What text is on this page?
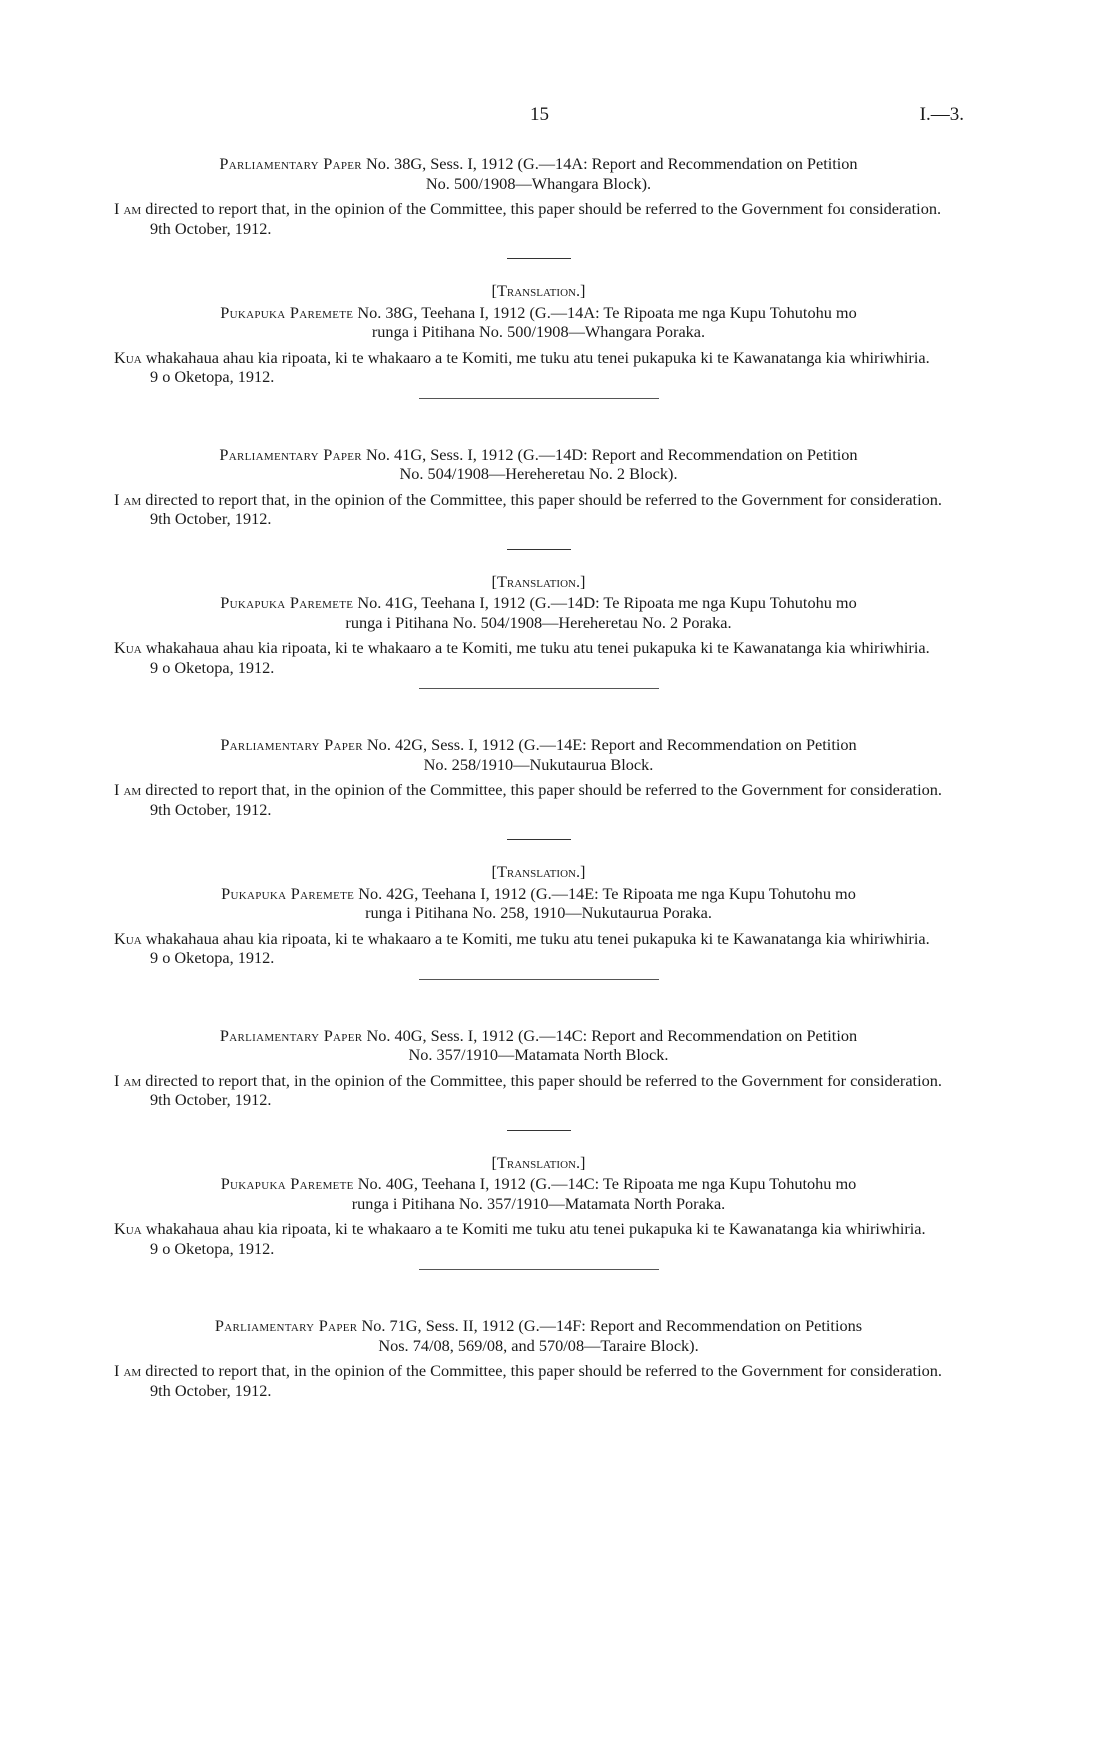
15	I.—3.

Parliamentary Paper No. 38G, Sess. I, 1912 (G.—14A: Report and Recommendation on Petition
No. 500/1908—Whangara Block).

I am directed to report that, in the opinion of the Committee, this paper should be referred to the Government foı consideration.

9th October, 1912.

[Translation.]

Pukapuka Paremete No. 38G, Teehana I, 1912 (G.—14A: Te Ripoata me nga Kupu Tohutohu mo
runga i Pitihana No. 500/1908—Whangara Poraka.

Kua whakahaua ahau kia ripoata, ki te whakaaro a te Komiti, me tuku atu tenei pukapuka ki te Kawanatanga kia whiriwhiria.

9 o Oketopa, 1912.

Parliamentary Paper No. 41G, Sess. I, 1912 (G.—14D: Report and Recommendation on Petition
No. 504/1908—Hereheretau No. 2 Block).

I am directed to report that, in the opinion of the Committee, this paper should be referred to the Government for consideration.

9th October, 1912.

[Translation.]

Pukapuka Paremete No. 41G, Teehana I, 1912 (G.—14D: Te Ripoata me nga Kupu Tohutohu mo
runga i Pitihana No. 504/1908—Hereheretau No. 2 Poraka.

Kua whakahaua ahau kia ripoata, ki te whakaaro a te Komiti, me tuku atu tenei pukapuka ki te Kawanatanga kia whiriwhiria.

9 o Oketopa, 1912.

Parliamentary Paper No. 42G, Sess. I, 1912 (G.—14E: Report and Recommendation on Petition
No. 258/1910—Nukutaurua Block.

I am directed to report that, in the opinion of the Committee, this paper should be referred to the Government for consideration.

9th October, 1912.

[Translation.]

Pukapuka Paremete No. 42G, Teehana I, 1912 (G.—14E: Te Ripoata me nga Kupu Tohutohu mo
runga i Pitihana No. 258, 1910—Nukutaurua Poraka.

Kua whakahaua ahau kia ripoata, ki te whakaaro a te Komiti, me tuku atu tenei pukapuka ki te Kawanatanga kia whiriwhiria.

9 o Oketopa, 1912.

Parliamentary Paper No. 40G, Sess. I, 1912 (G.—14C: Report and Recommendation on Petition
No. 357/1910—Matamata North Block.

I am directed to report that, in the opinion of the Committee, this paper should be referred to the Government for consideration.

9th October, 1912.

[Translation.]

Pukapuka Paremete No. 40G, Teehana I, 1912 (G.—14C: Te Ripoata me nga Kupu Tohutohu mo
runga i Pitihana No. 357/1910—Matamata North Poraka.

Kua whakahaua ahau kia ripoata, ki te whakaaro a te Komiti me tuku atu tenei pukapuka ki te Kawanatanga kia whiriwhiria.

9 o Oketopa, 1912.

Parliamentary Paper No. 71G, Sess. II, 1912 (G.—14F: Report and Recommendation on Petitions
Nos. 74/08, 569/08, and 570/08—Taraire Block).

I am directed to report that, in the opinion of the Committee, this paper should be referred to the Government for consideration.

9th October, 1912.
